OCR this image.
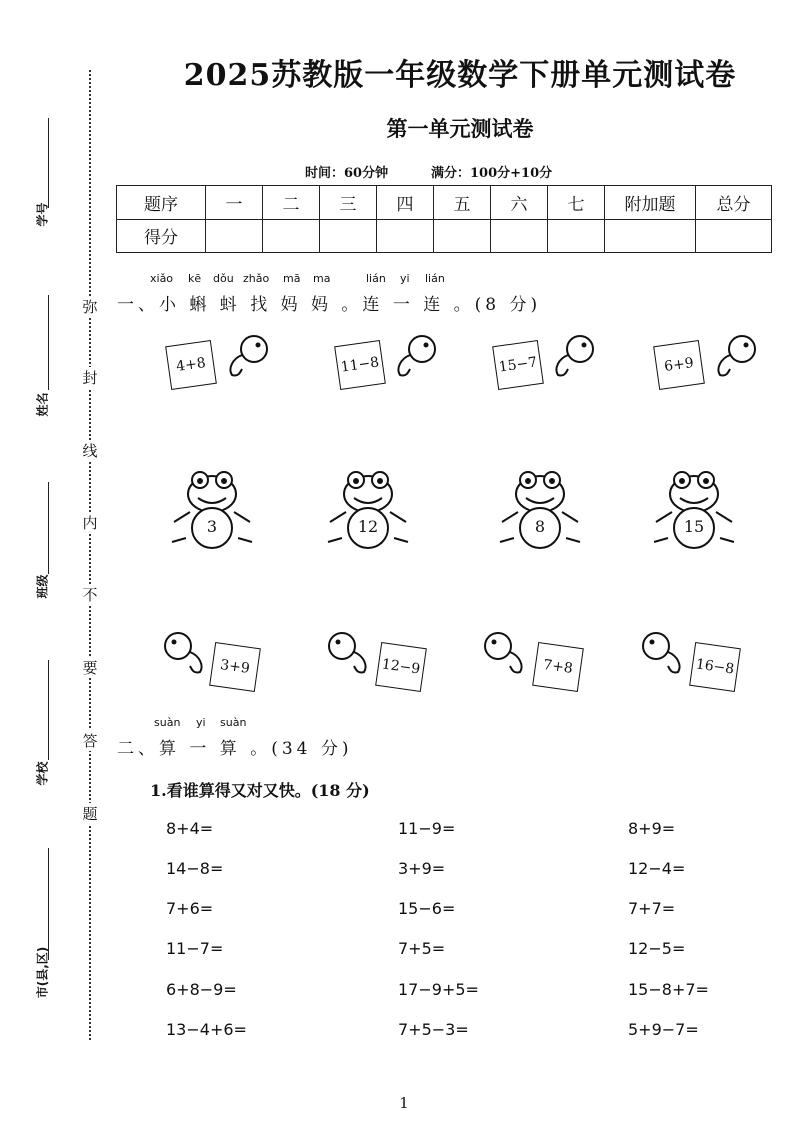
学号
姓名
班级
学校
市(县,区)
弥
封
线
内
不
要
答
题
2025苏教版一年级数学下册单元测试卷
第一单元测试卷
时间：60分钟	满分：100分+10分
题序	一	二	三	四	五	六	七	附加题	总分
得分									
xiǎo kē dǒu zhǎo mā ma	lián yi lián
一、小 蝌 蚪 找 妈 妈 。连 一 连 。(8 分)
4+8	11−8	15−7	6+9
3	12	8	15
3+9	12−9	7+8	16−8
suàn yi suàn
二、算 一 算 。(34 分)
1.看谁算得又对又快。(18 分)
8+4=	11−9=	8+9=
14−8=	3+9=	12−4=
7+6=	15−6=	7+7=
11−7=	7+5=	12−5=
6+8−9=	17−9+5=	15−8+7=
13−4+6=	7+5−3=	5+9−7=
1
